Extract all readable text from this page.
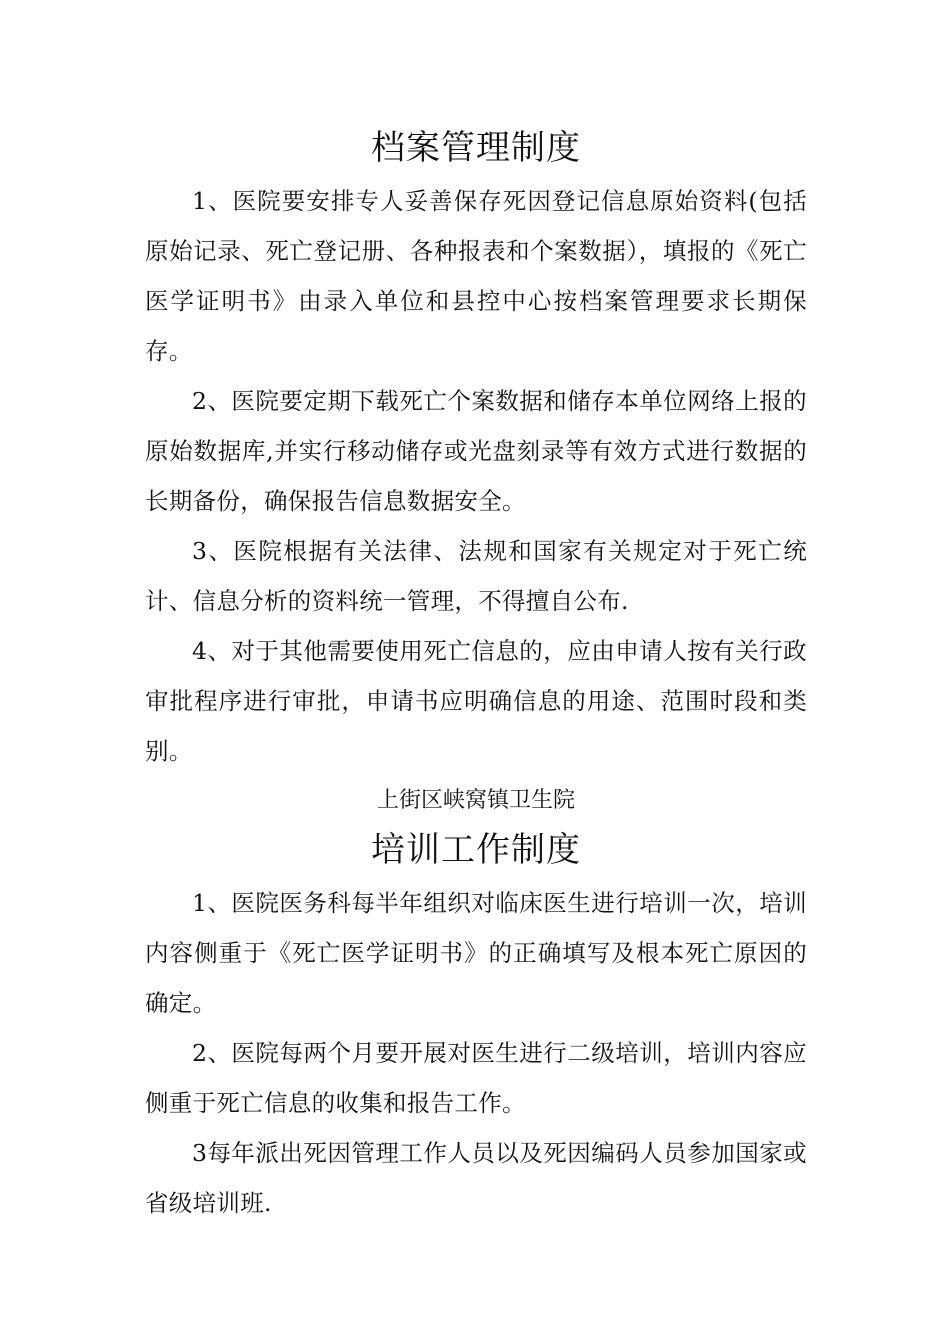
档案管理制度

1、医院要安排专人妥善保存死因登记信息原始资料(包括原始记录、死亡登记册、各种报表和个案数据），填报的《死亡医学证明书》由录入单位和县控中心按档案管理要求长期保存。

2、医院要定期下载死亡个案数据和储存本单位网络上报的原始数据库,并实行移动储存或光盘刻录等有效方式进行数据的长期备份，确保报告信息数据安全。

3、医院根据有关法律、法规和国家有关规定对于死亡统计、信息分析的资料统一管理，不得擅自公布.

4、对于其他需要使用死亡信息的，应由申请人按有关行政审批程序进行审批，申请书应明确信息的用途、范围时段和类别。

上街区峡窝镇卫生院

培训工作制度

1、医院医务科每半年组织对临床医生进行培训一次，培训内容侧重于《死亡医学证明书》的正确填写及根本死亡原因的确定。

2、医院每两个月要开展对医生进行二级培训，培训内容应侧重于死亡信息的收集和报告工作。

3每年派出死因管理工作人员以及死因编码人员参加国家或省级培训班.
